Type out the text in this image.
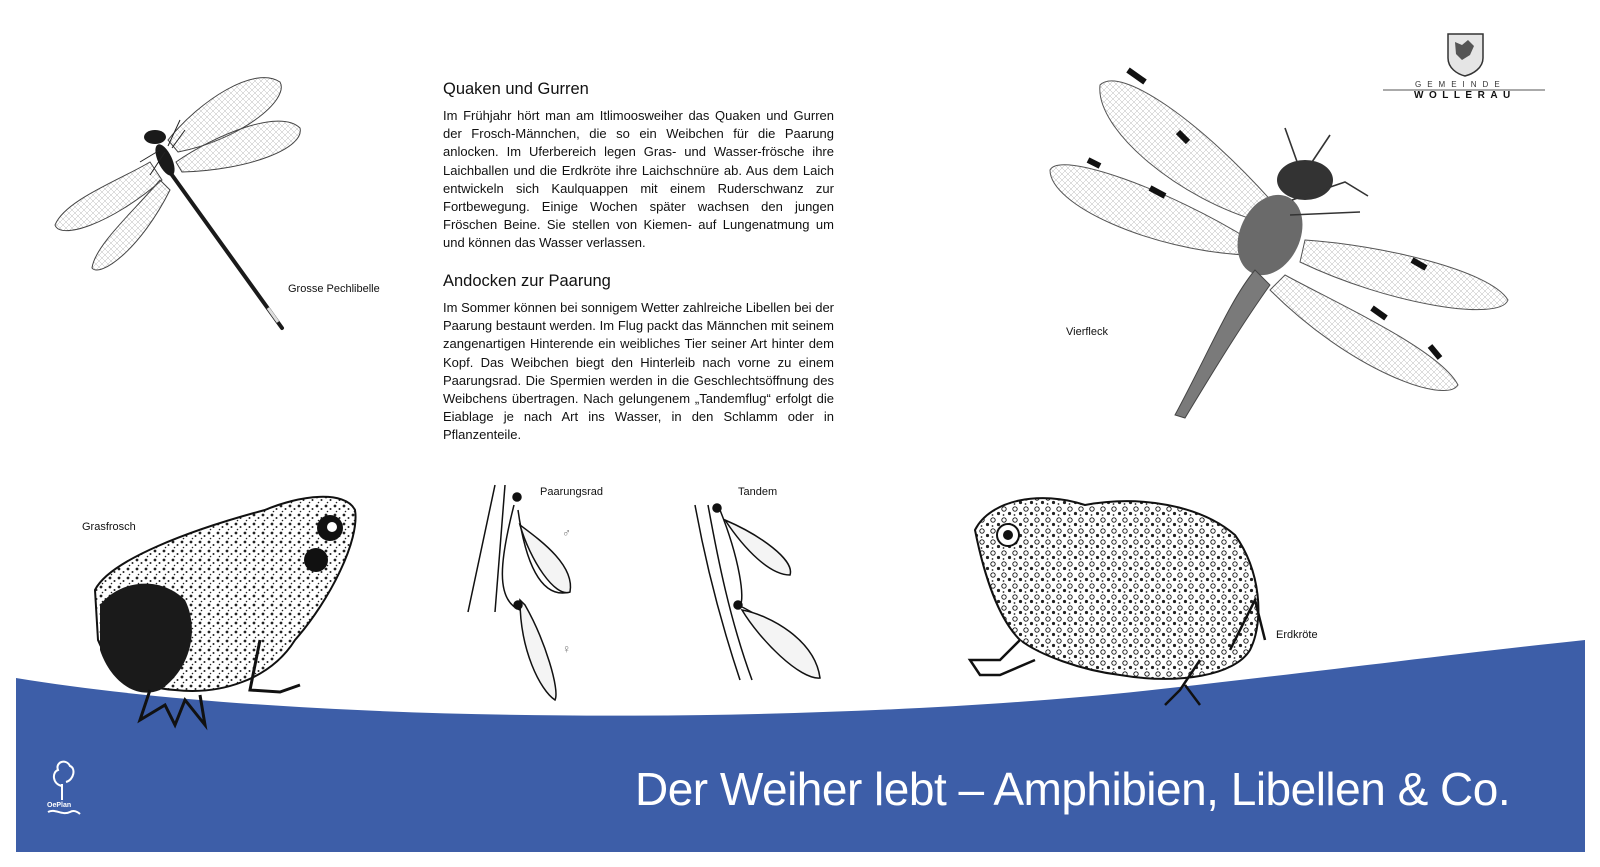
Quaken und Gurren

Im Frühjahr hört man am Itlimoosweiher das Quaken und Gurren der Frosch-Männchen, die so ein Weibchen für die Paarung anlocken. Im Uferbereich legen Gras- und Wasser-frösche ihre Laichballen und die Erdkröte ihre Laichschnüre ab. Aus dem Laich entwickeln sich Kaulquappen mit einem Ruderschwanz zur Fortbewegung. Einige Wochen später wachsen den jungen Fröschen Beine. Sie stellen von Kiemen- auf Lungenatmung um und können das Wasser verlassen.

Andocken zur Paarung

Im Sommer können bei sonnigem Wetter zahlreiche Libellen bei der Paarung bestaunt werden. Im Flug packt das Männchen mit seinem zangenartigen Hinterende ein weibliches Tier seiner Art hinter dem Kopf. Das Weibchen biegt den Hinterleib nach vorne zu einem Paarungsrad. Die Spermien werden in die Geschlechtsöffnung des Weibchens übertragen. Nach gelungenem „Tandemflug“ erfolgt die Eiablage je nach Art ins Wasser, in den Schlamm oder in Pflanzenteile.

Grosse Pechlibelle
Vierfleck
Grasfrosch
Paarungsrad	Tandem
Erdkröte
♂
♀
GEMEINDE
WOLLERAU
Der Weiher lebt – Amphibien, Libellen & Co.
OePlan
